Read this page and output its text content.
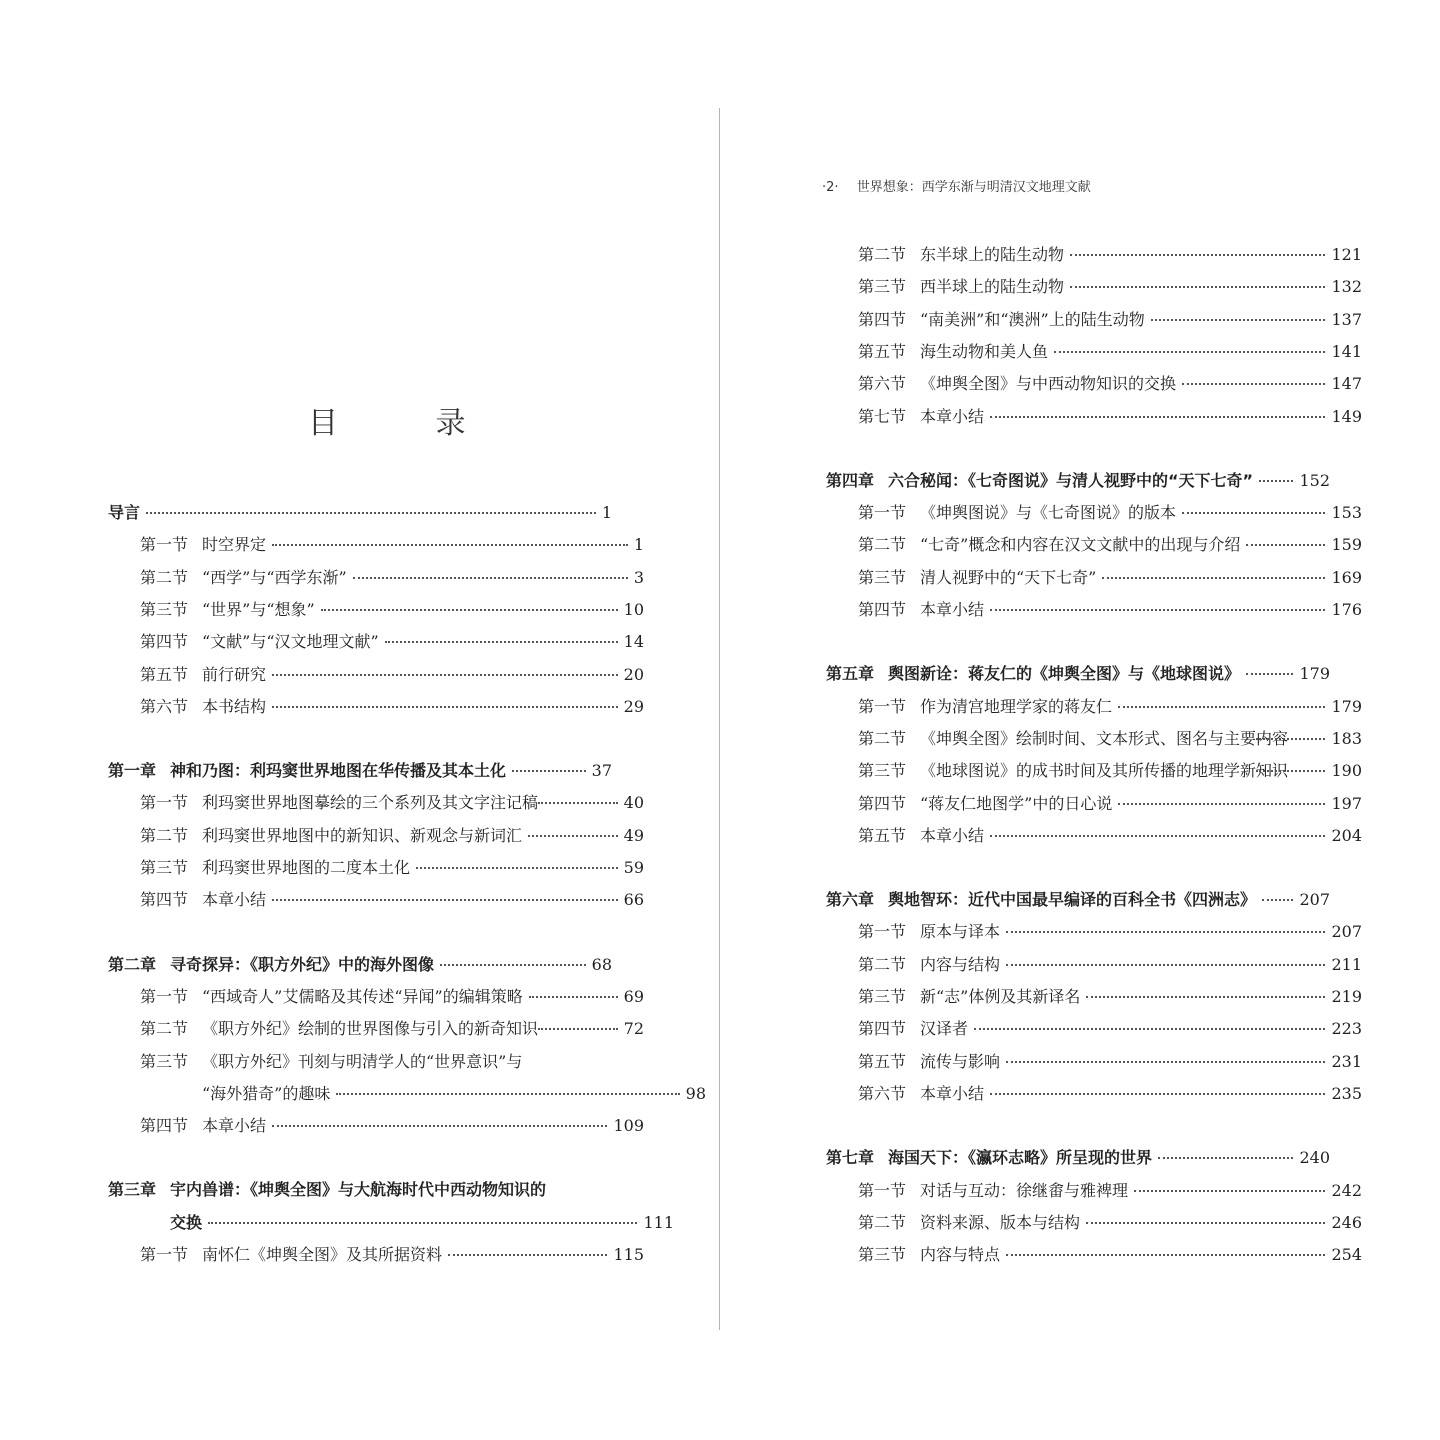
目 录
·2· 世界想象：西学东渐与明清汉文地理文献
导言	1
第一节 时空界定	1
第二节 “西学”与“西学东渐”	3
第三节 “世界”与“想象”	10
第四节 “文献”与“汉文地理文献”	14
第五节 前行研究	20
第六节 本书结构	29
第一章 神和乃图：利玛窦世界地图在华传播及其本土化	37
第一节 利玛窦世界地图摹绘的三个系列及其文字注记稿	40
第二节 利玛窦世界地图中的新知识、新观念与新词汇	49
第三节 利玛窦世界地图的二度本土化	59
第四节 本章小结	66
第二章 寻奇探异：《职方外纪》中的海外图像	68
第一节 “西域奇人”艾儒略及其传述“异闻”的编辑策略	69
第二节 《职方外纪》绘制的世界图像与引入的新奇知识	72
第三节 《职方外纪》刊刻与明清学人的“世界意识”与
“海外猎奇”的趣味	98
第四节 本章小结	109
第三章 宇内兽谱：《坤舆全图》与大航海时代中西动物知识的
交换	111
第一节 南怀仁《坤舆全图》及其所据资料	115
第二节 东半球上的陆生动物	121
第三节 西半球上的陆生动物	132
第四节 “南美洲”和“澳洲”上的陆生动物	137
第五节 海生动物和美人鱼	141
第六节 《坤舆全图》与中西动物知识的交换	147
第七节 本章小结	149
第四章 六合秘闻：《七奇图说》与清人视野中的“天下七奇”	152
第一节 《坤舆图说》与《七奇图说》的版本	153
第二节 “七奇”概念和内容在汉文文献中的出现与介绍	159
第三节 清人视野中的“天下七奇”	169
第四节 本章小结	176
第五章 舆图新诠：蒋友仁的《坤舆全图》与《地球图说》	179
第一节 作为清宫地理学家的蒋友仁	179
第二节 《坤舆全图》绘制时间、文本形式、图名与主要内容	183
第三节 《地球图说》的成书时间及其所传播的地理学新知识	190
第四节 “蒋友仁地图学”中的日心说	197
第五节 本章小结	204
第六章 舆地智环：近代中国最早编译的百科全书《四洲志》	207
第一节 原本与译本	207
第二节 内容与结构	211
第三节 新“志”体例及其新译名	219
第四节 汉译者	223
第五节 流传与影响	231
第六节 本章小结	235
第七章 海国天下：《瀛环志略》所呈现的世界	240
第一节 对话与互动：徐继畬与雅裨理	242
第二节 资料来源、版本与结构	246
第三节 内容与特点	254
